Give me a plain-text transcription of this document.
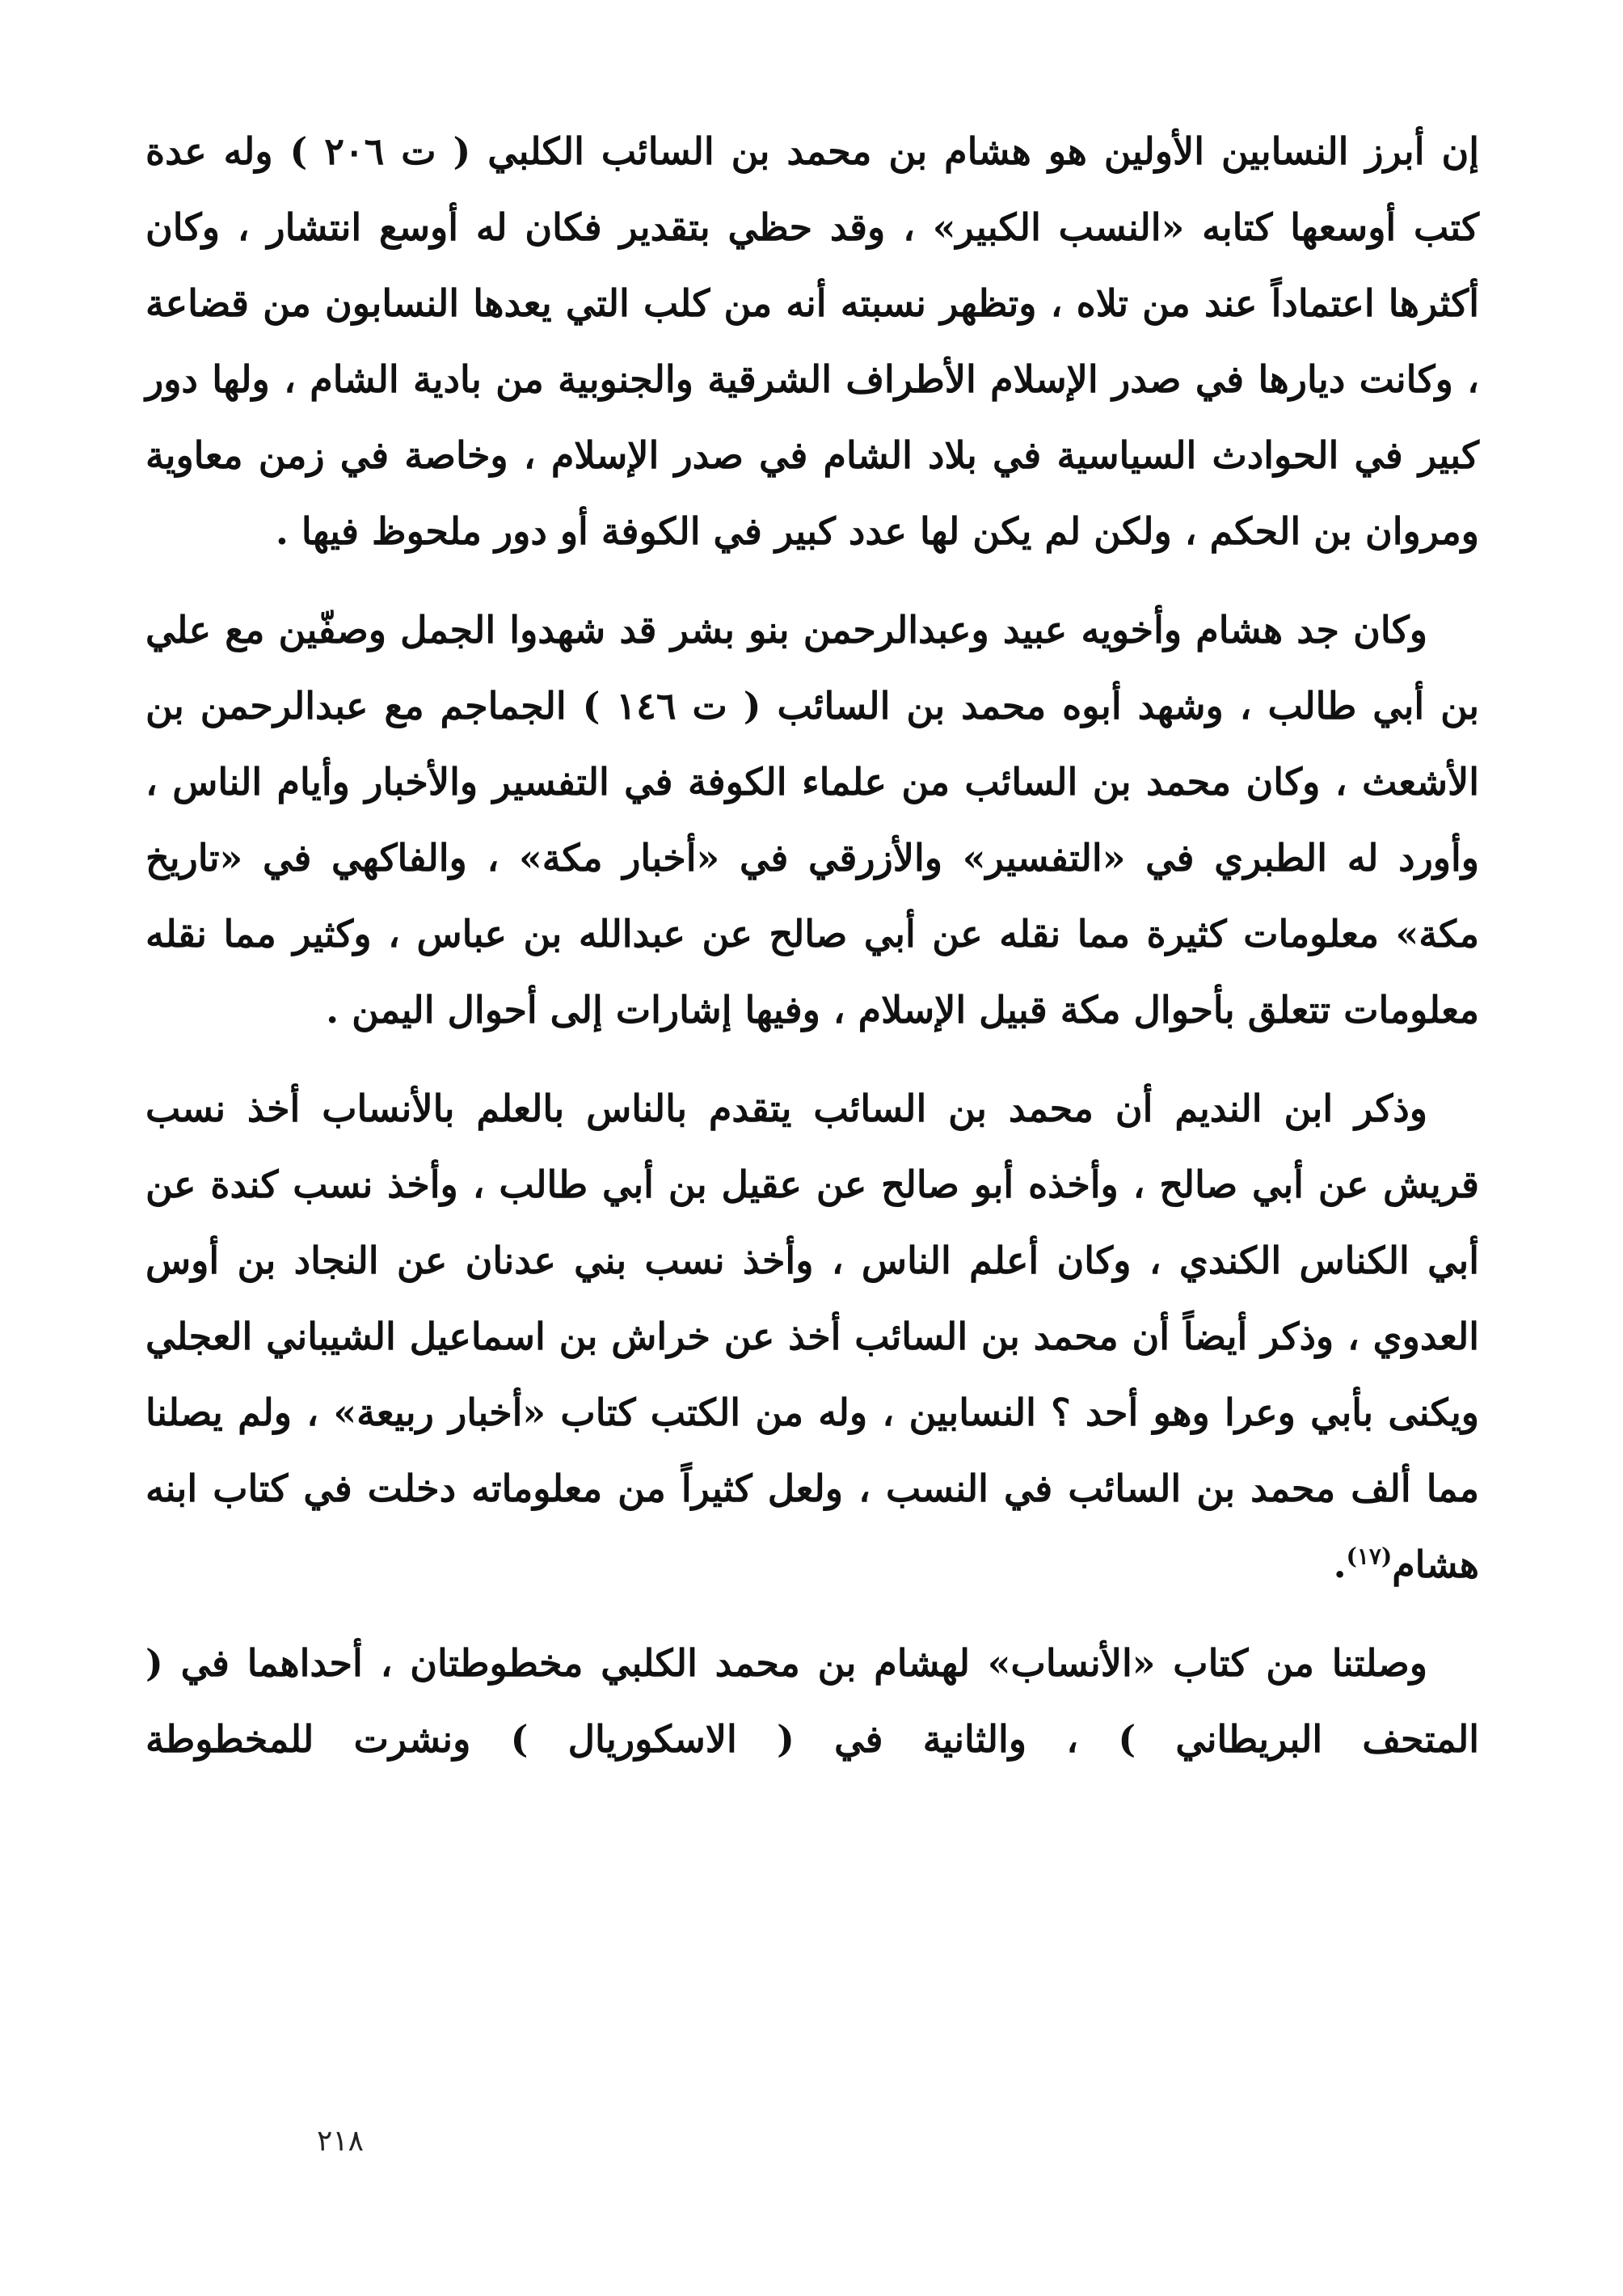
إن أبرز النسابين الأولين هو هشام بن محمد بن السائب الكلبي ( ت ٢٠٦ ) وله عدة كتب أوسعها كتابه «النسب الكبير» ، وقد حظي بتقدير فكان له أوسع انتشار ، وكان أكثرها اعتماداً عند من تلاه ، وتظهر نسبته أنه من كلب التي يعدها النسابون من قضاعة ، وكانت ديارها في صدر الإسلام الأطراف الشرقية والجنوبية من بادية الشام ، ولها دور كبير في الحوادث السياسية في بلاد الشام في صدر الإسلام ، وخاصة في زمن معاوية ومروان بن الحكم ، ولكن لم يكن لها عدد كبير في الكوفة أو دور ملحوظ فيها .

وكان جد هشام وأخويه عبيد وعبدالرحمن بنو بشر قد شهدوا الجمل وصفّين مع علي بن أبي طالب ، وشهد أبوه محمد بن السائب ( ت ١٤٦ ) الجماجم مع عبدالرحمن بن الأشعث ، وكان محمد بن السائب من علماء الكوفة في التفسير والأخبار وأيام الناس ، وأورد له الطبري في «التفسير» والأزرقي في «أخبار مكة» ، والفاكهي في «تاريخ مكة» معلومات كثيرة مما نقله عن أبي صالح عن عبدالله بن عباس ، وكثير مما نقله معلومات تتعلق بأحوال مكة قبيل الإسلام ، وفيها إشارات إلى أحوال اليمن .

وذكر ابن النديم أن محمد بن السائب يتقدم بالناس بالعلم بالأنساب أخذ نسب قريش عن أبي صالح ، وأخذه أبو صالح عن عقيل بن أبي طالب ، وأخذ نسب كندة عن أبي الكناس الكندي ، وكان أعلم الناس ، وأخذ نسب بني عدنان عن النجاد بن أوس العدوي ، وذكر أيضاً أن محمد بن السائب أخذ عن خراش بن اسماعيل الشيباني العجلي ويكنى بأبي وعرا وهو أحد ؟ النسابين ، وله من الكتب كتاب «أخبار ربيعة» ، ولم يصلنا مما ألف محمد بن السائب في النسب ، ولعل كثيراً من معلوماته دخلت في كتاب ابنه هشام$^{(١٧)}$.

وصلتنا من كتاب «الأنساب» لهشام بن محمد الكلبي مخطوطتان ، أحداهما في ( المتحف البريطاني ) ، والثانية في ( الاسكوريال ) ونشرت للمخطوطة

٢١٨
